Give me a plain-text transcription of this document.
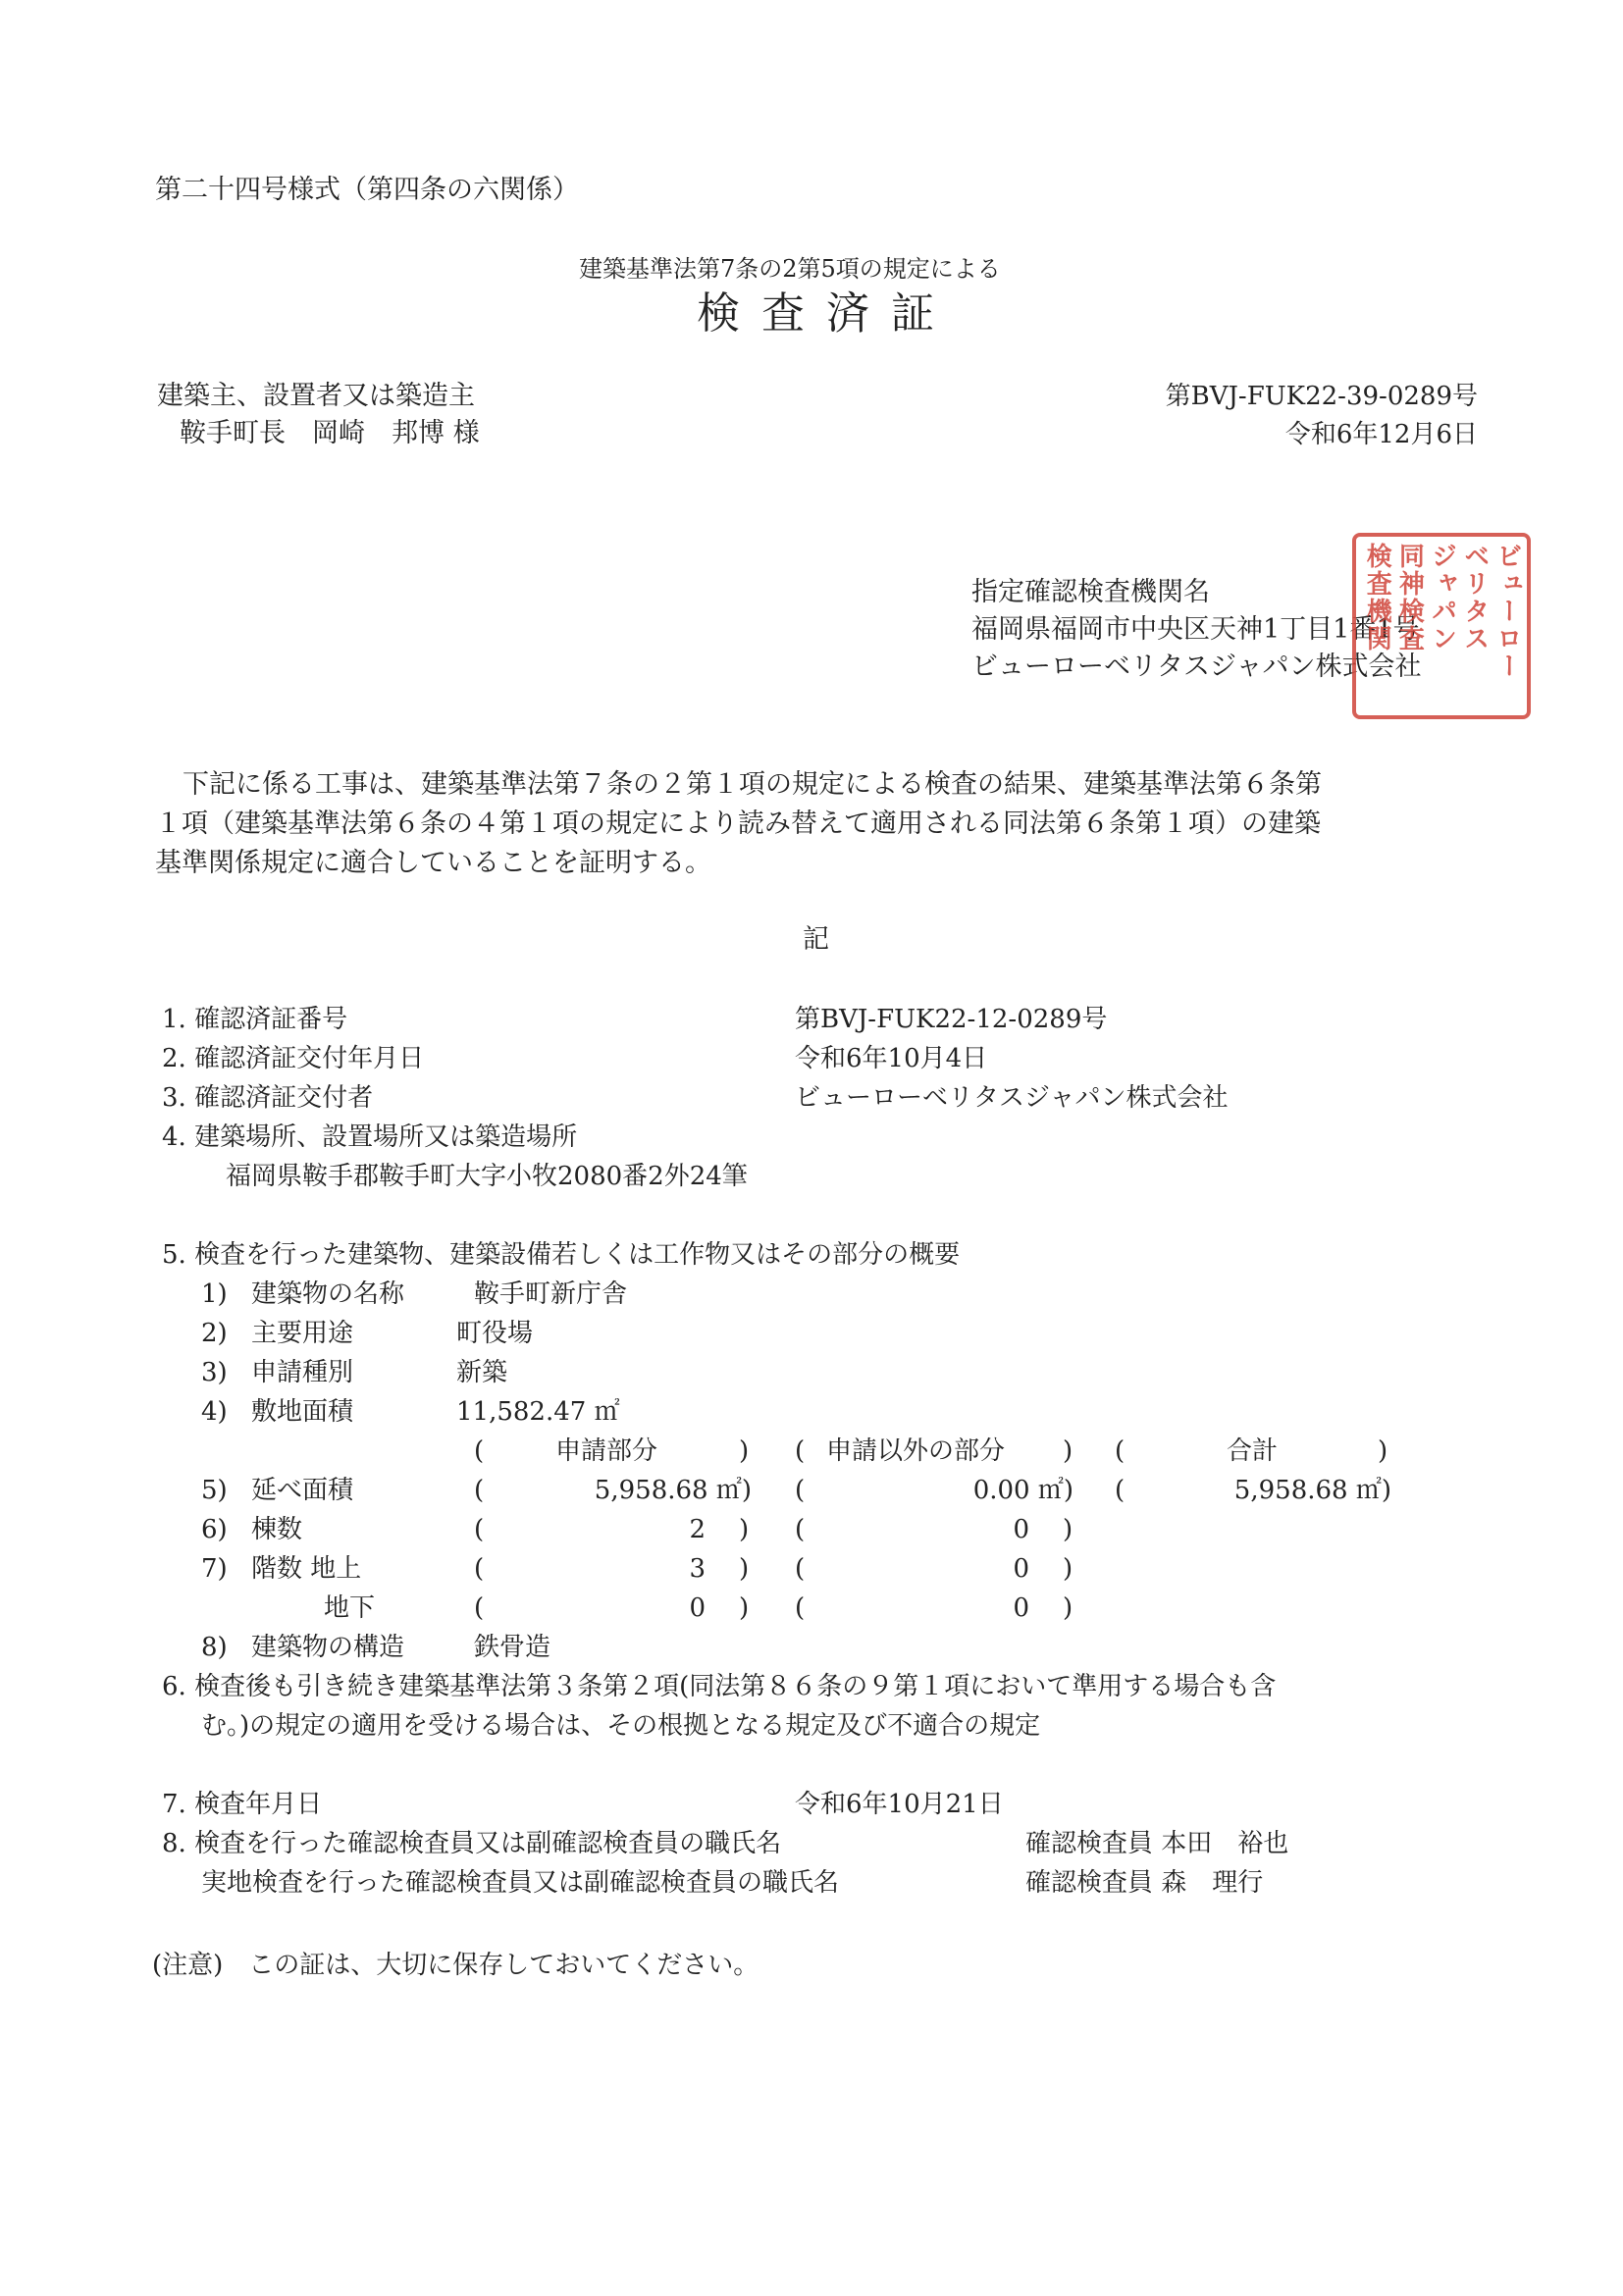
第二十四号様式（第四条の六関係）
建築基準法第7条の2第5項の規定による
検査済証
建築主、設置者又は築造主
鞍手町長　岡崎　邦博 様
第BVJ-FUK22-39-0289号
令和6年12月6日
指定確認検査機関名
福岡県福岡市中央区天神1丁目1番1号
ビューローベリタスジャパン株式会社	ビューロー
ベリタス
ジャパン
同神検査
検査機関
下記に係る工事は、建築基準法第７条の２第１項の規定による検査の結果、建築基準法第６条第
１項（建築基準法第６条の４第１項の規定により読み替えて適用される同法第６条第１項）の建築
基準関係規定に適合していることを証明する。
記
1. 確認済証番号	第BVJ-FUK22-12-0289号
2. 確認済証交付年月日	令和6年10月4日
3. 確認済証交付者	ビューローベリタスジャパン株式会社
4. 建築場所、設置場所又は築造場所
福岡県鞍手郡鞍手町大字小牧2080番2外24筆
5. 検査を行った建築物、建築設備若しくは工作物又はその部分の概要
1) 建築物の名称	鞍手町新庁舎
2) 主要用途	町役場
3) 申請種別	新築
4) 敷地面積	11,582.47 ㎡
(	申請部分	) ( 申請以外の部分 ) (	合計	)
5) 延べ面積	(	5,958.68 ㎡) (	0.00 ㎡) (	5,958.68 ㎡)
6) 棟数	(	2 ) (	0 )
7) 階数 地上	(	3 ) (	0 )
地下	(	0 ) (	0 )
8) 建築物の構造	鉄骨造
6. 検査後も引き続き建築基準法第３条第２項(同法第８６条の９第１項において準用する場合も含
む。)の規定の適用を受ける場合は、その根拠となる規定及び不適合の規定
7. 検査年月日	令和6年10月21日
8. 検査を行った確認検査員又は副確認検査員の職氏名	確認検査員 本田　裕也
実地検査を行った確認検査員又は副確認検査員の職氏名	確認検査員 森　理行
(注意)　この証は、大切に保存しておいてください。
